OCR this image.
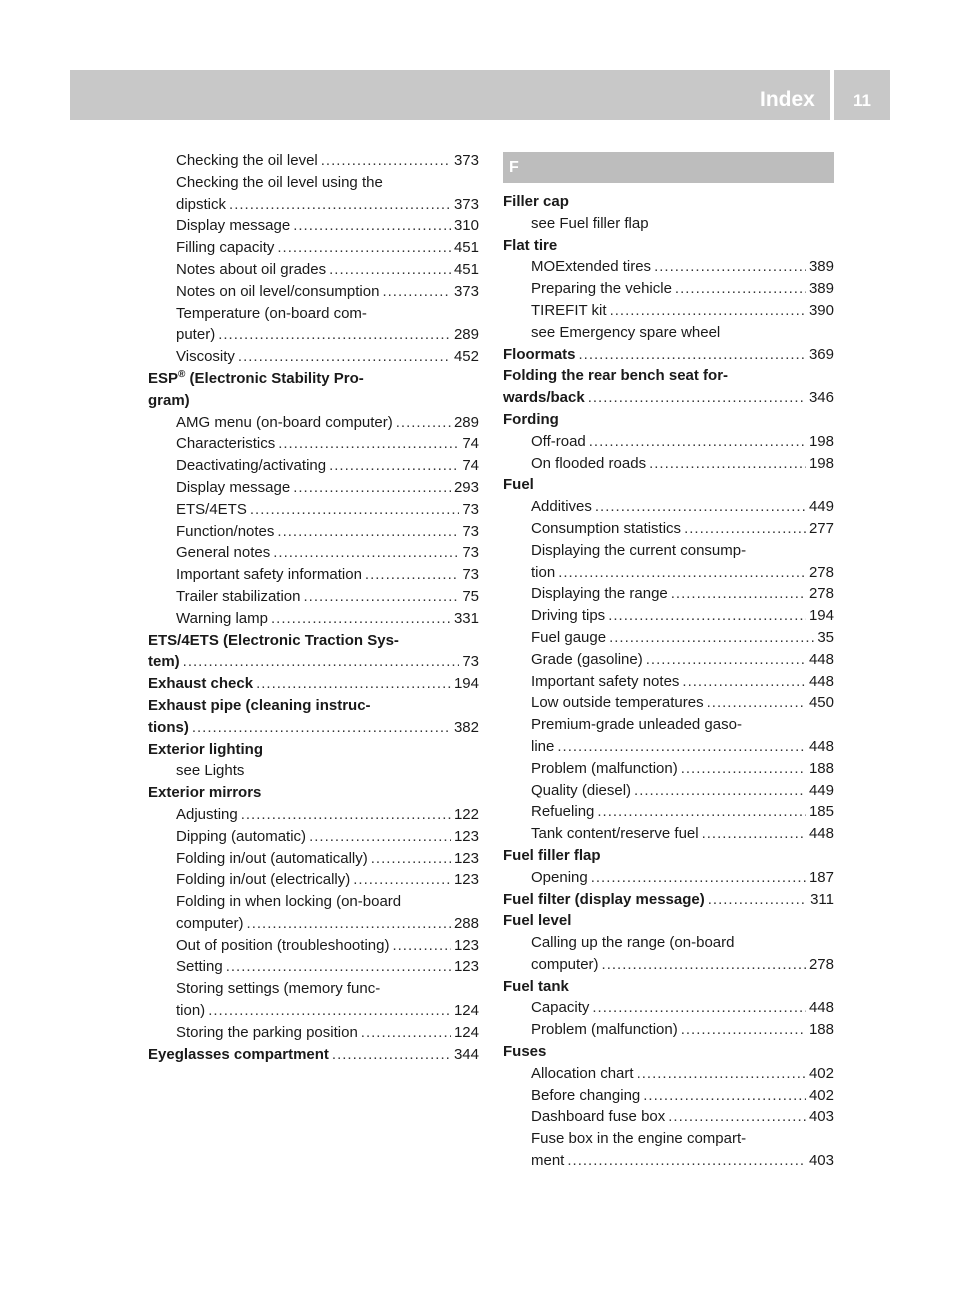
Index	11
Checking the oil level .....	373
Checking the oil level using the
dipstick .....	373
Display message .....	310
Filling capacity .....	451
Notes about oil grades .....	451
Notes on oil level/consumption .....	373
Temperature (on-board com-
puter) .....	289
Viscosity .....	452
ESP® (Electronic Stability Pro-
gram)
AMG menu (on-board computer) .....	289
Characteristics .....	74
Deactivating/activating .....	74
Display message .....	293
ETS/4ETS .....	73
Function/notes .....	73
General notes .....	73
Important safety information .....	73
Trailer stabilization .....	75
Warning lamp .....	331
ETS/4ETS (Electronic Traction Sys-
tem) .....	73
Exhaust check .....	194
Exhaust pipe (cleaning instruc-
tions) .....	382
Exterior lighting
see Lights
Exterior mirrors
Adjusting .....	122
Dipping (automatic) .....	123
Folding in/out (automatically) .....	123
Folding in/out (electrically) .....	123
Folding in when locking (on-board
computer) .....	288
Out of position (troubleshooting) .....	123
Setting .....	123
Storing settings (memory func-
tion) .....	124
Storing the parking position .....	124
Eyeglasses compartment .....	344
F
Filler cap
see Fuel filler flap
Flat tire
MOExtended tires .....	389
Preparing the vehicle .....	389
TIREFIT kit .....	390
see Emergency spare wheel
Floormats .....	369
Folding the rear bench seat for-
wards/back .....	346
Fording
Off-road .....	198
On flooded roads .....	198
Fuel
Additives .....	449
Consumption statistics .....	277
Displaying the current consump-
tion .....	278
Displaying the range .....	278
Driving tips .....	194
Fuel gauge .....	35
Grade (gasoline) .....	448
Important safety notes .....	448
Low outside temperatures .....	450
Premium-grade unleaded gaso-
line .....	448
Problem (malfunction) .....	188
Quality (diesel) .....	449
Refueling .....	185
Tank content/reserve fuel .....	448
Fuel filler flap
Opening .....	187
Fuel filter (display message) .....	311
Fuel level
Calling up the range (on-board
computer) .....	278
Fuel tank
Capacity .....	448
Problem (malfunction) .....	188
Fuses
Allocation chart .....	402
Before changing .....	402
Dashboard fuse box .....	403
Fuse box in the engine compart-
ment .....	403
